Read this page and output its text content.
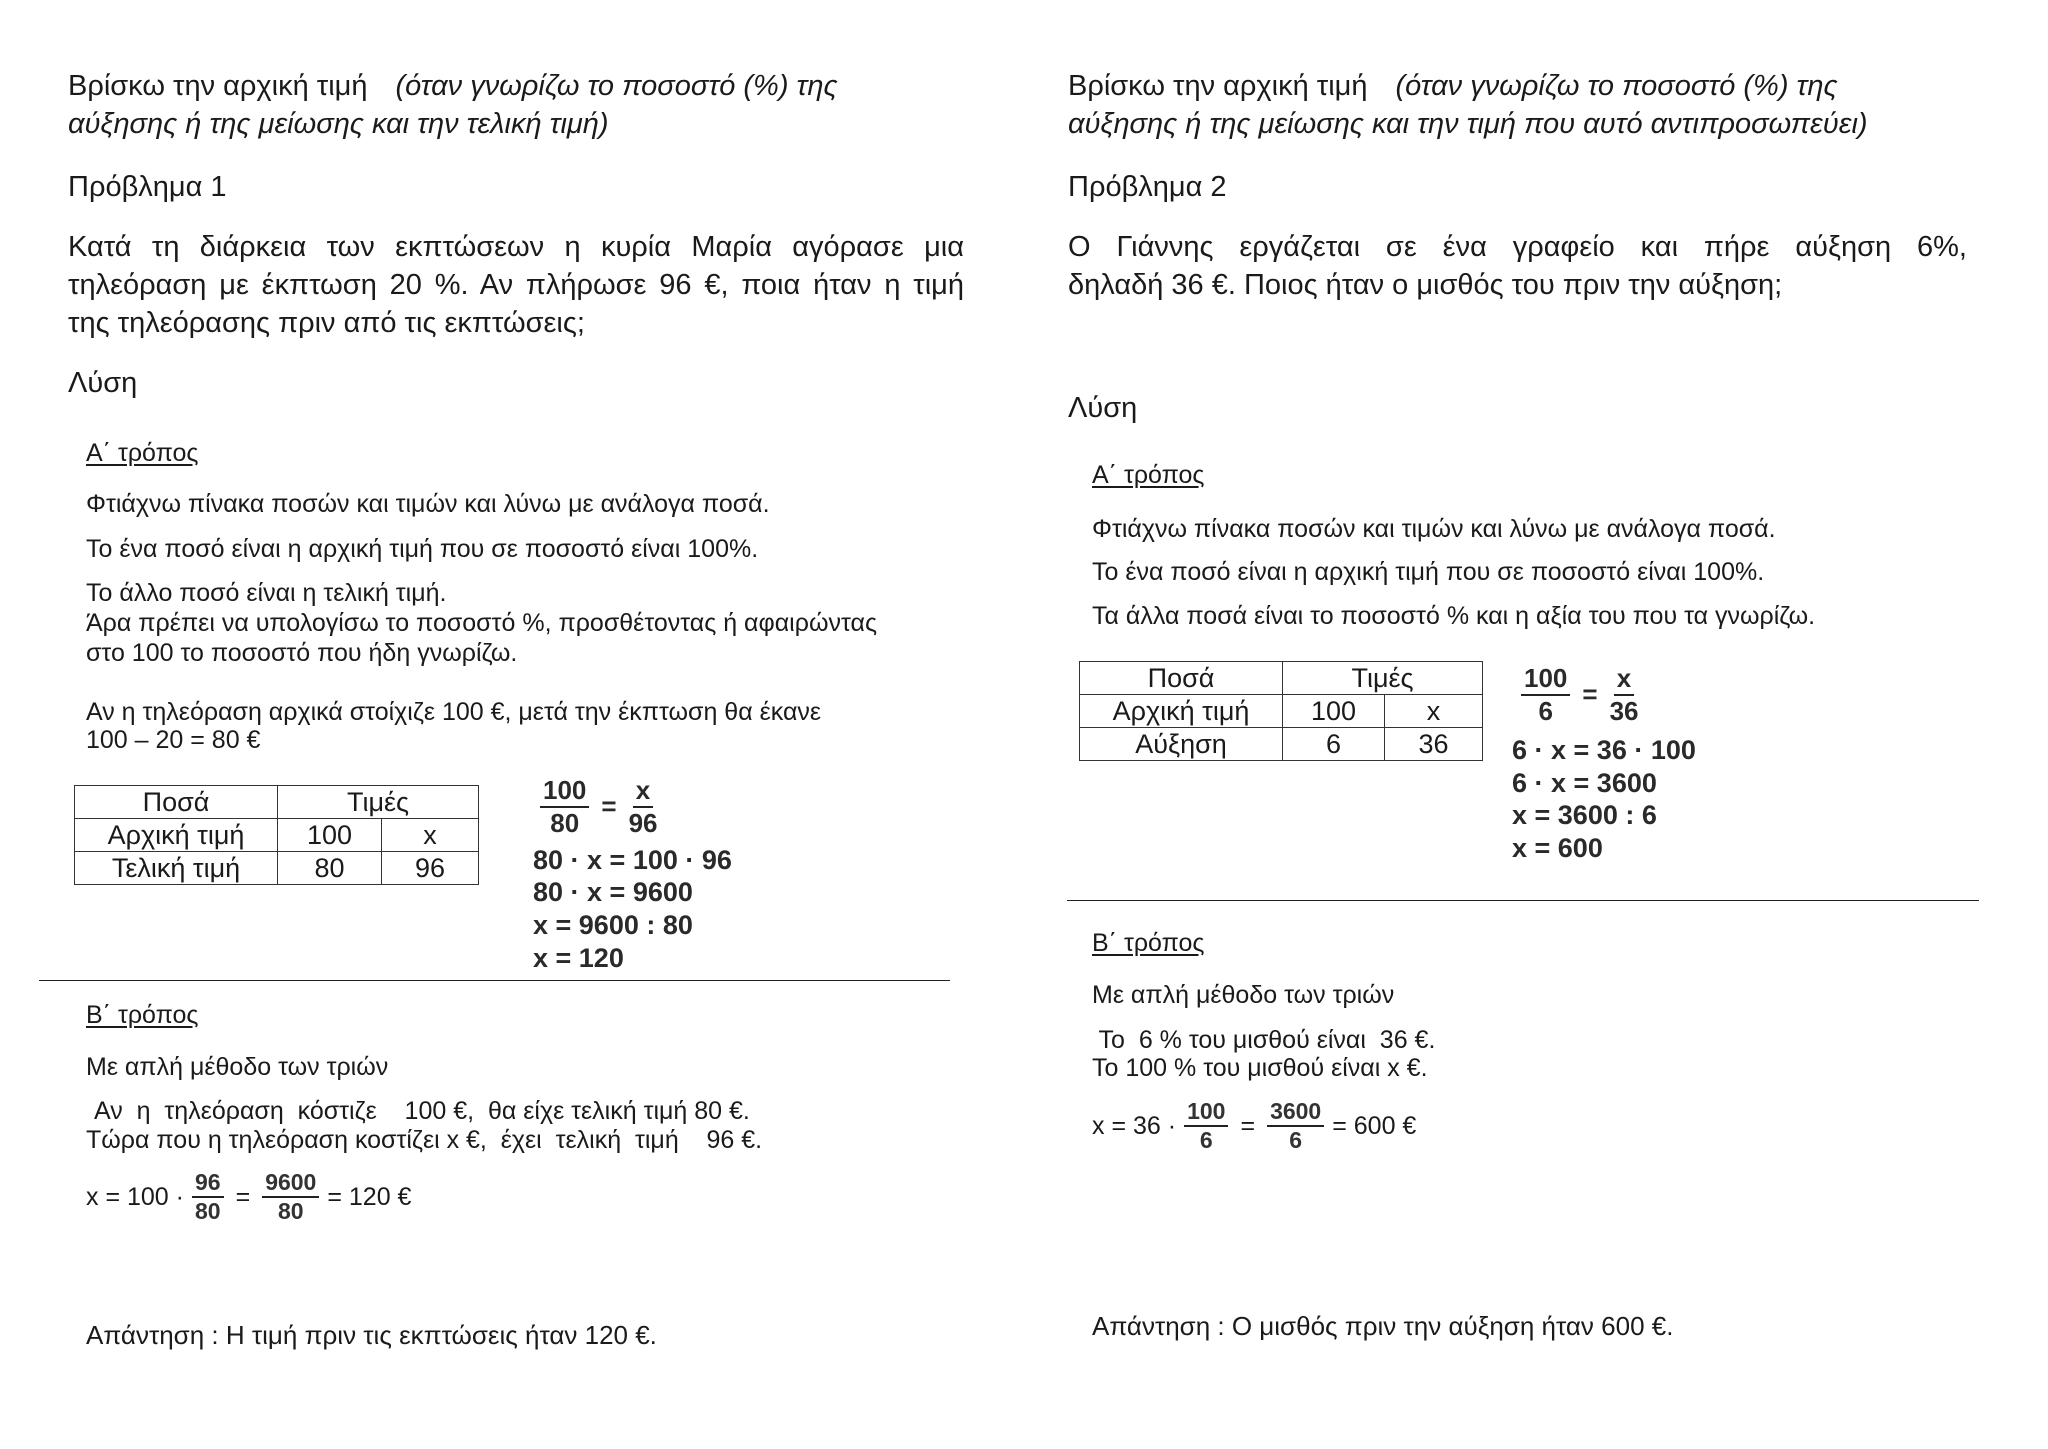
Βρίσκω την αρχική τιμή (όταν γνωρίζω το ποσοστό (%) της
αύξησης ή της μείωσης και την τελική τιμή)
Πρόβλημα 1
Κατά τη διάρκεια των εκπτώσεων η κυρία Μαρία αγόρασε μια
τηλεόραση με έκπτωση 20 %. Αν πλήρωσε 96 €, ποια ήταν η τιμή
της τηλεόρασης πριν από τις εκπτώσεις;
Λύση
Α΄ τρόπος
Φτιάχνω πίνακα ποσών και τιμών και λύνω με ανάλογα ποσά.
Το ένα ποσό είναι η αρχική τιμή που σε ποσοστό είναι 100%.
Το άλλο ποσό είναι η τελική τιμή.
Άρα πρέπει να υπολογίσω το ποσοστό %, προσθέτοντας ή αφαιρώντας
στο 100 το ποσοστό που ήδη γνωρίζω.
Αν η τηλεόραση αρχικά στοίχιζε 100 €, μετά την έκπτωση θα έκανε
100 – 20 = 80 €
Ποσά	Τιμές	
Αρχική τιμή	100	x
Τελική τιμή	80	96
$\frac{100}{80} = \frac{x}{96}$
80 · x = 100 · 96
80 · x = 9600
x = 9600 : 80
x = 120
Β΄ τρόπος
Με απλή μέθοδο των τριών
Αν  η  τηλεόραση  κόστιζε    100 €,  θα είχε τελική τιμή 80 €.
Τώρα που η τηλεόραση κοστίζει x €,  έχει  τελική  τιμή    96 €.
$x = 100 \cdot \frac{96}{80} = \frac{9600}{80} = 120$ €
Απάντηση : Η τιμή πριν τις εκπτώσεις ήταν 120 €.
Βρίσκω την αρχική τιμή (όταν γνωρίζω το ποσοστό (%) της
αύξησης ή της μείωσης και την τιμή που αυτό αντιπροσωπεύει)
Πρόβλημα 2
Ο Γιάννης εργάζεται σε ένα γραφείο και πήρε αύξηση 6%,
δηλαδή 36 €. Ποιος ήταν ο μισθός του πριν την αύξηση;
Λύση
Α΄ τρόπος
Φτιάχνω πίνακα ποσών και τιμών και λύνω με ανάλογα ποσά.
Το ένα ποσό είναι η αρχική τιμή που σε ποσοστό είναι 100%.
Τα άλλα ποσά είναι το ποσοστό % και η αξία του που τα γνωρίζω.
Ποσά	Τιμές	
Αρχική τιμή	100	x
Αύξηση	6	36
$\frac{100}{6} = \frac{x}{36}$
6 · x = 36 · 100
6 · x = 3600
x = 3600 : 6
x = 600
Β΄ τρόπος
Με απλή μέθοδο των τριών
Το  6 % του μισθού είναι  36 €.
Το 100 % του μισθού είναι x €.
$x = 36 \cdot \frac{100}{6} = \frac{3600}{6} = 600$ €
Απάντηση : Ο μισθός πριν την αύξηση ήταν 600 €.
